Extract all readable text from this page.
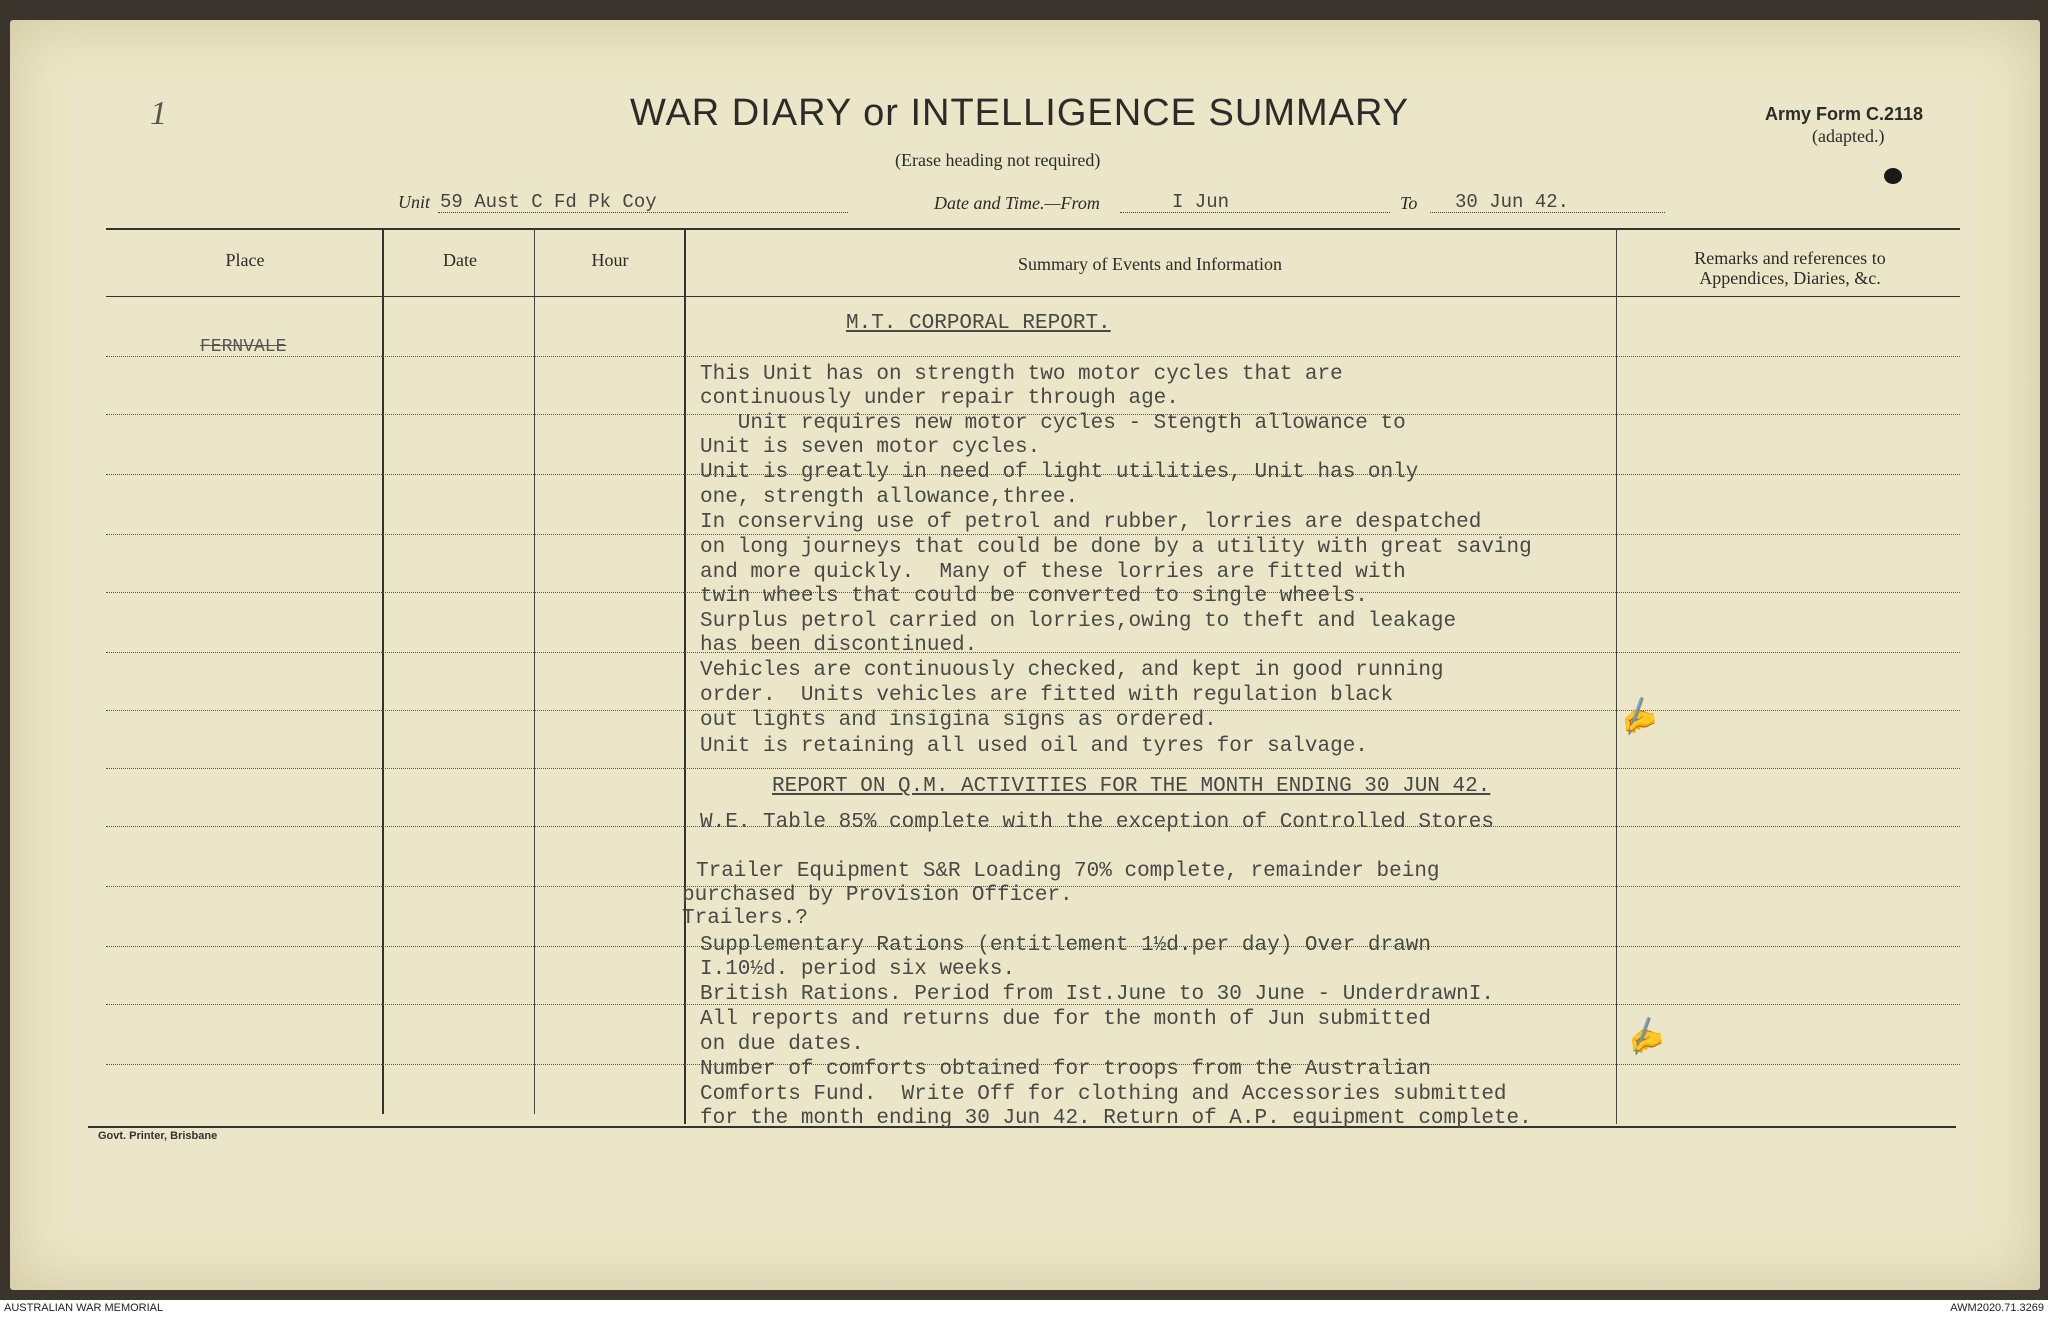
1	WAR DIARY or INTELLIGENCE SUMMARY
(Erase heading not required)
Army Form C.2118
(adapted.)
Unit 59 Aust C Fd Pk Coy	Date and Time.—From	I Jun	To 30 Jun 42.
Place	Date	Hour	Summary of Events and Information	Remarks and references to
Appendices, Diaries, &c.
FERNVALE
M.T. CORPORAL REPORT.
This Unit has on strength two motor cycles that are
continuously under repair through age.
Unit requires new motor cycles - Stength allowance to
Unit is seven motor cycles.
Unit is greatly in need of light utilities, Unit has only
one, strength allowance,three.
In conserving use of petrol and rubber, lorries are despatched
on long journeys that could be done by a utility with great saving
and more quickly.  Many of these lorries are fitted with
twin wheels that could be converted to single wheels.
Surplus petrol carried on lorries,owing to theft and leakage
has been discontinued.
Vehicles are continuously checked, and kept in good running
order.  Units vehicles are fitted with regulation black
out lights and insigina signs as ordered.
Unit is retaining all used oil and tyres for salvage.
REPORT ON Q.M. ACTIVITIES FOR THE MONTH ENDING 30 JUN 42.
W.E. Table 85% complete with the exception of Controlled Stores
Trailer Equipment S&R Loading 70% complete, remainder being
purchased by Provision Officer.
Trailers.?
Supplementary Rations (entitlement 1½d.per day) Over drawn
I.10½d. period six weeks.
British Rations. Period from Ist.June to 30 June - UnderdrawnI.
All reports and returns due for the month of Jun submitted
on due dates.
Number of comforts obtained for troops from the Australian
Comforts Fund.  Write Off for clothing and Accessories submitted
for the month ending 30 Jun 42. Return of A.P. equipment complete.
✍
✍
Govt. Printer, Brisbane
AUSTRALIAN WAR MEMORIAL	AWM2020.71.3269
